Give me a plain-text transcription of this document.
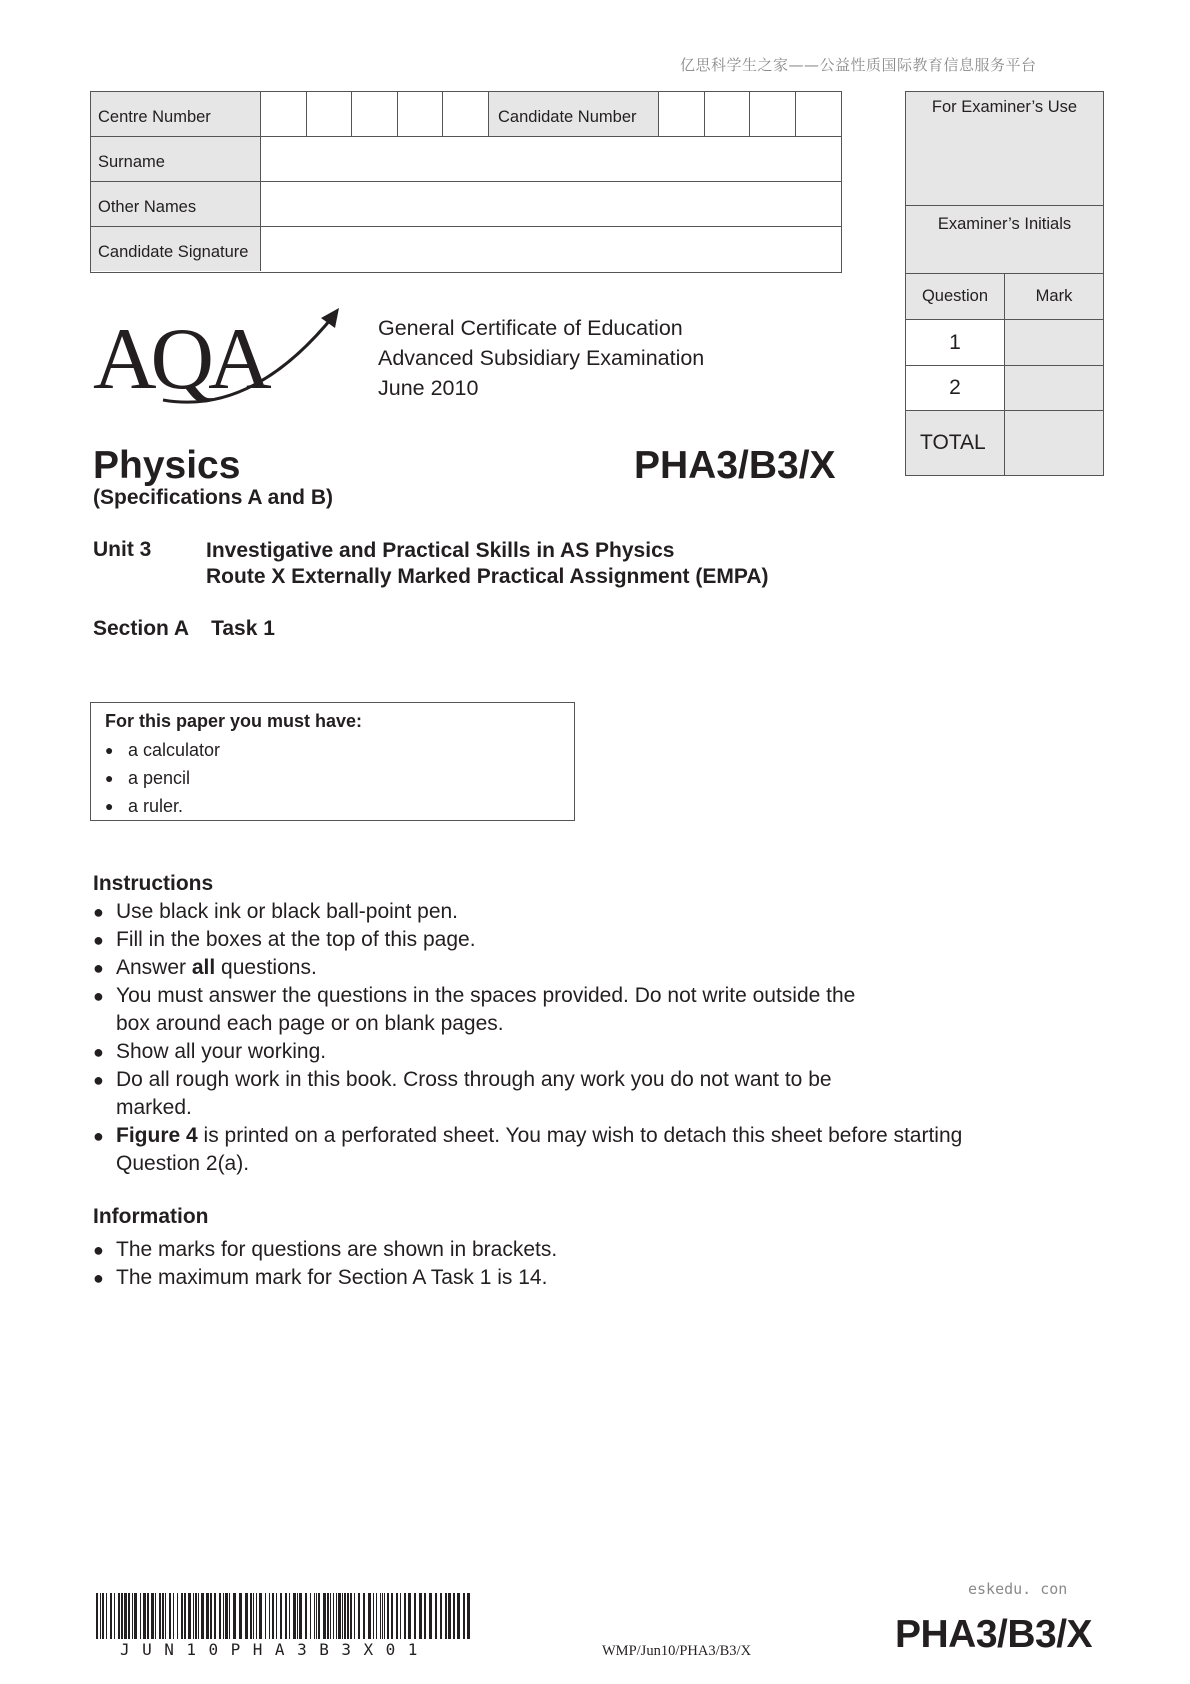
亿思科学生之家——公益性质国际教育信息服务平台
Centre Number	Candidate Number
Surname
Other Names
Candidate Signature
For Examiner’s Use
Examiner’s Initials
Question	Mark
1
2
TOTAL
AQA	General Certificate of Education
Advanced Subsidiary Examination
June 2010
Physics	PHA3/B3/X
(Specifications A and B)
Unit 3	Investigative and Practical Skills in AS Physics
Route X Externally Marked Practical Assignment (EMPA)
Section A Task 1
For this paper you must have:
● a calculator
● a pencil
● a ruler.
Instructions
● Use black ink or black ball-point pen.
● Fill in the boxes at the top of this page.
● Answer all questions.
● You must answer the questions in the spaces provided. Do not write outside the box around each page or on blank pages.
● Show all your working.
● Do all rough work in this book. Cross through any work you do not want to be marked.
● Figure 4 is printed on a perforated sheet. You may wish to detach this sheet before starting Question 2(a).
Information
● The marks for questions are shown in brackets.
● The maximum mark for Section A Task 1 is 14.
JUN10PHA3B3X01	WMP/Jun10/PHA3/B3/X
eskedu. con
PHA3/B3/X
